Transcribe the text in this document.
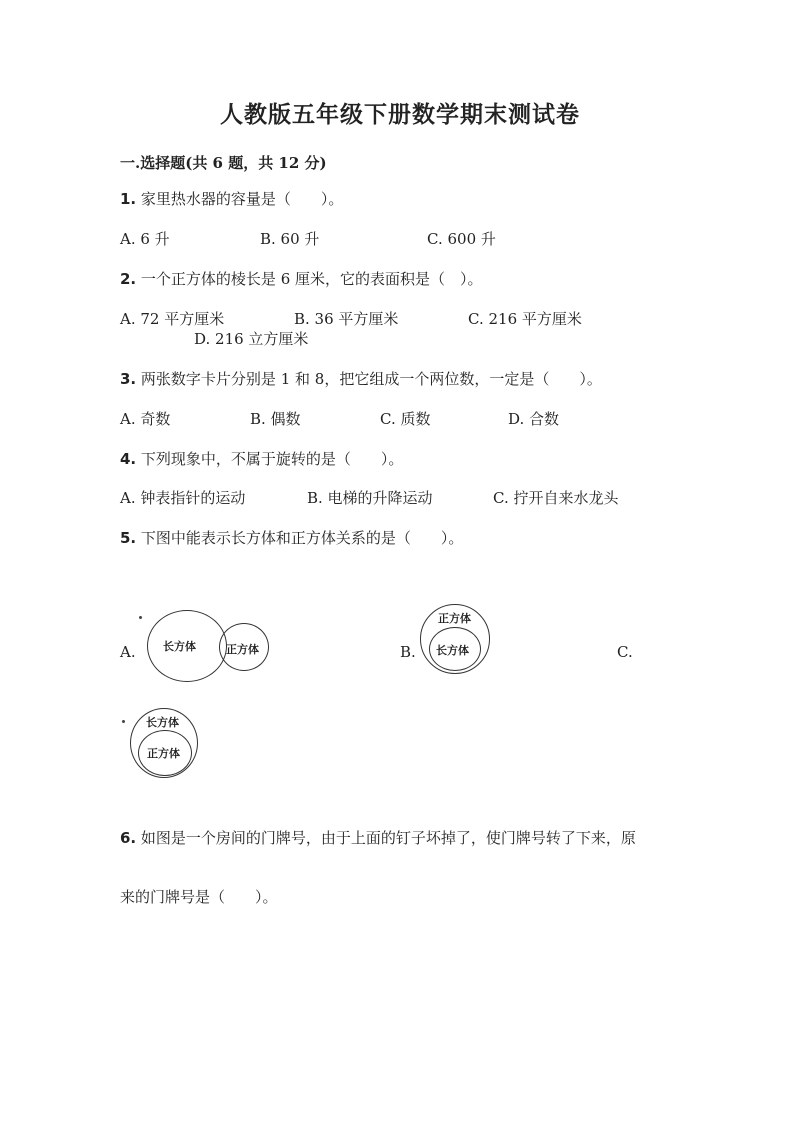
人教版五年级下册数学期末测试卷
一.选择题(共 6 题，共 12 分)
1. 家里热水器的容量是（　　）。
A. 6 升	B. 60 升	C. 600 升
2. 一个正方体的棱长是 6 厘米，它的表面积是（　）。
A. 72 平方厘米	B. 36 平方厘米	C. 216 平方厘米
D. 216 立方厘米
3. 两张数字卡片分别是 1 和 8，把它组成一个两位数，一定是（　　）。
A. 奇数	B. 偶数	C. 质数	D. 合数
4. 下列现象中，不属于旋转的是（　　）。
A. 钟表指针的运动	B. 电梯的升降运动	C. 拧开自来水龙头
5. 下图中能表示长方体和正方体关系的是（　　）。
A. 长方体	正方体	B.
正方体
长方体	C.
长方体
正方体
6. 如图是一个房间的门牌号，由于上面的钉子坏掉了，使门牌号转了下来，原
来的门牌号是（　　）。
